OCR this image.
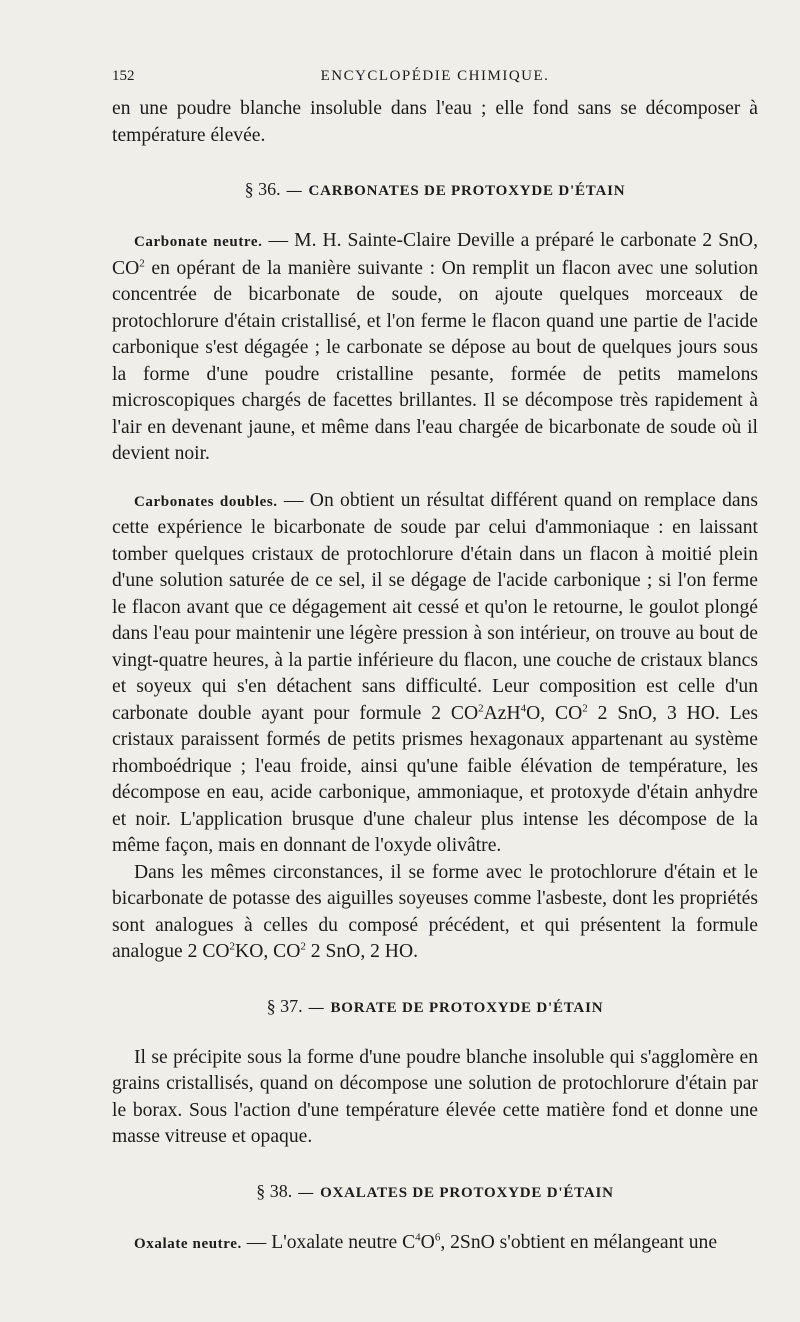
152	ENCYCLOPÉDIE CHIMIQUE.

en une poudre blanche insoluble dans l'eau ; elle fond sans se décomposer à température élevée.

§ 36. — CARBONATES DE PROTOXYDE D'ÉTAIN

Carbonate neutre. — M. H. Sainte-Claire Deville a préparé le carbonate 2 SnO, $CO^2$ en opérant de la manière suivante : On remplit un flacon avec une solution concentrée de bicarbonate de soude, on ajoute quelques morceaux de protochlorure d'étain cristallisé, et l'on ferme le flacon quand une partie de l'acide carbonique s'est dégagée ; le carbonate se dépose au bout de quelques jours sous la forme d'une poudre cristalline pesante, formée de petits mamelons microscopiques chargés de facettes brillantes. Il se décompose très rapidement à l'air en devenant jaune, et même dans l'eau chargée de bicarbonate de soude où il devient noir.

Carbonates doubles. — On obtient un résultat différent quand on remplace dans cette expérience le bicarbonate de soude par celui d'ammoniaque : en laissant tomber quelques cristaux de protochlorure d'étain dans un flacon à moitié plein d'une solution saturée de ce sel, il se dégage de l'acide carbonique ; si l'on ferme le flacon avant que ce dégagement ait cessé et qu'on le retourne, le goulot plongé dans l'eau pour maintenir une légère pression à son intérieur, on trouve au bout de vingt-quatre heures, à la partie inférieure du flacon, une couche de cristaux blancs et soyeux qui s'en détachent sans difficulté. Leur composition est celle d'un carbonate double ayant pour formule 2 $CO^2AzH^4O$, $CO^2$ 2 SnO, 3 HO. Les cristaux paraissent formés de petits prismes hexagonaux appartenant au système rhomboédrique ; l'eau froide, ainsi qu'une faible élévation de température, les décompose en eau, acide carbonique, ammoniaque, et protoxyde d'étain anhydre et noir. L'application brusque d'une chaleur plus intense les décompose de la même façon, mais en donnant de l'oxyde olivâtre.

Dans les mêmes circonstances, il se forme avec le protochlorure d'étain et le bicarbonate de potasse des aiguilles soyeuses comme l'asbeste, dont les propriétés sont analogues à celles du composé précédent, et qui présentent la formule analogue 2 $CO^2KO$, $CO^2$ 2 SnO, 2 HO.

§ 37. — BORATE DE PROTOXYDE D'ÉTAIN

Il se précipite sous la forme d'une poudre blanche insoluble qui s'agglomère en grains cristallisés, quand on décompose une solution de protochlorure d'étain par le borax. Sous l'action d'une température élevée cette matière fond et donne une masse vitreuse et opaque.

§ 38. — OXALATES DE PROTOXYDE D'ÉTAIN

Oxalate neutre. — L'oxalate neutre $C^4O^6$, 2SnO s'obtient en mélangeant une
